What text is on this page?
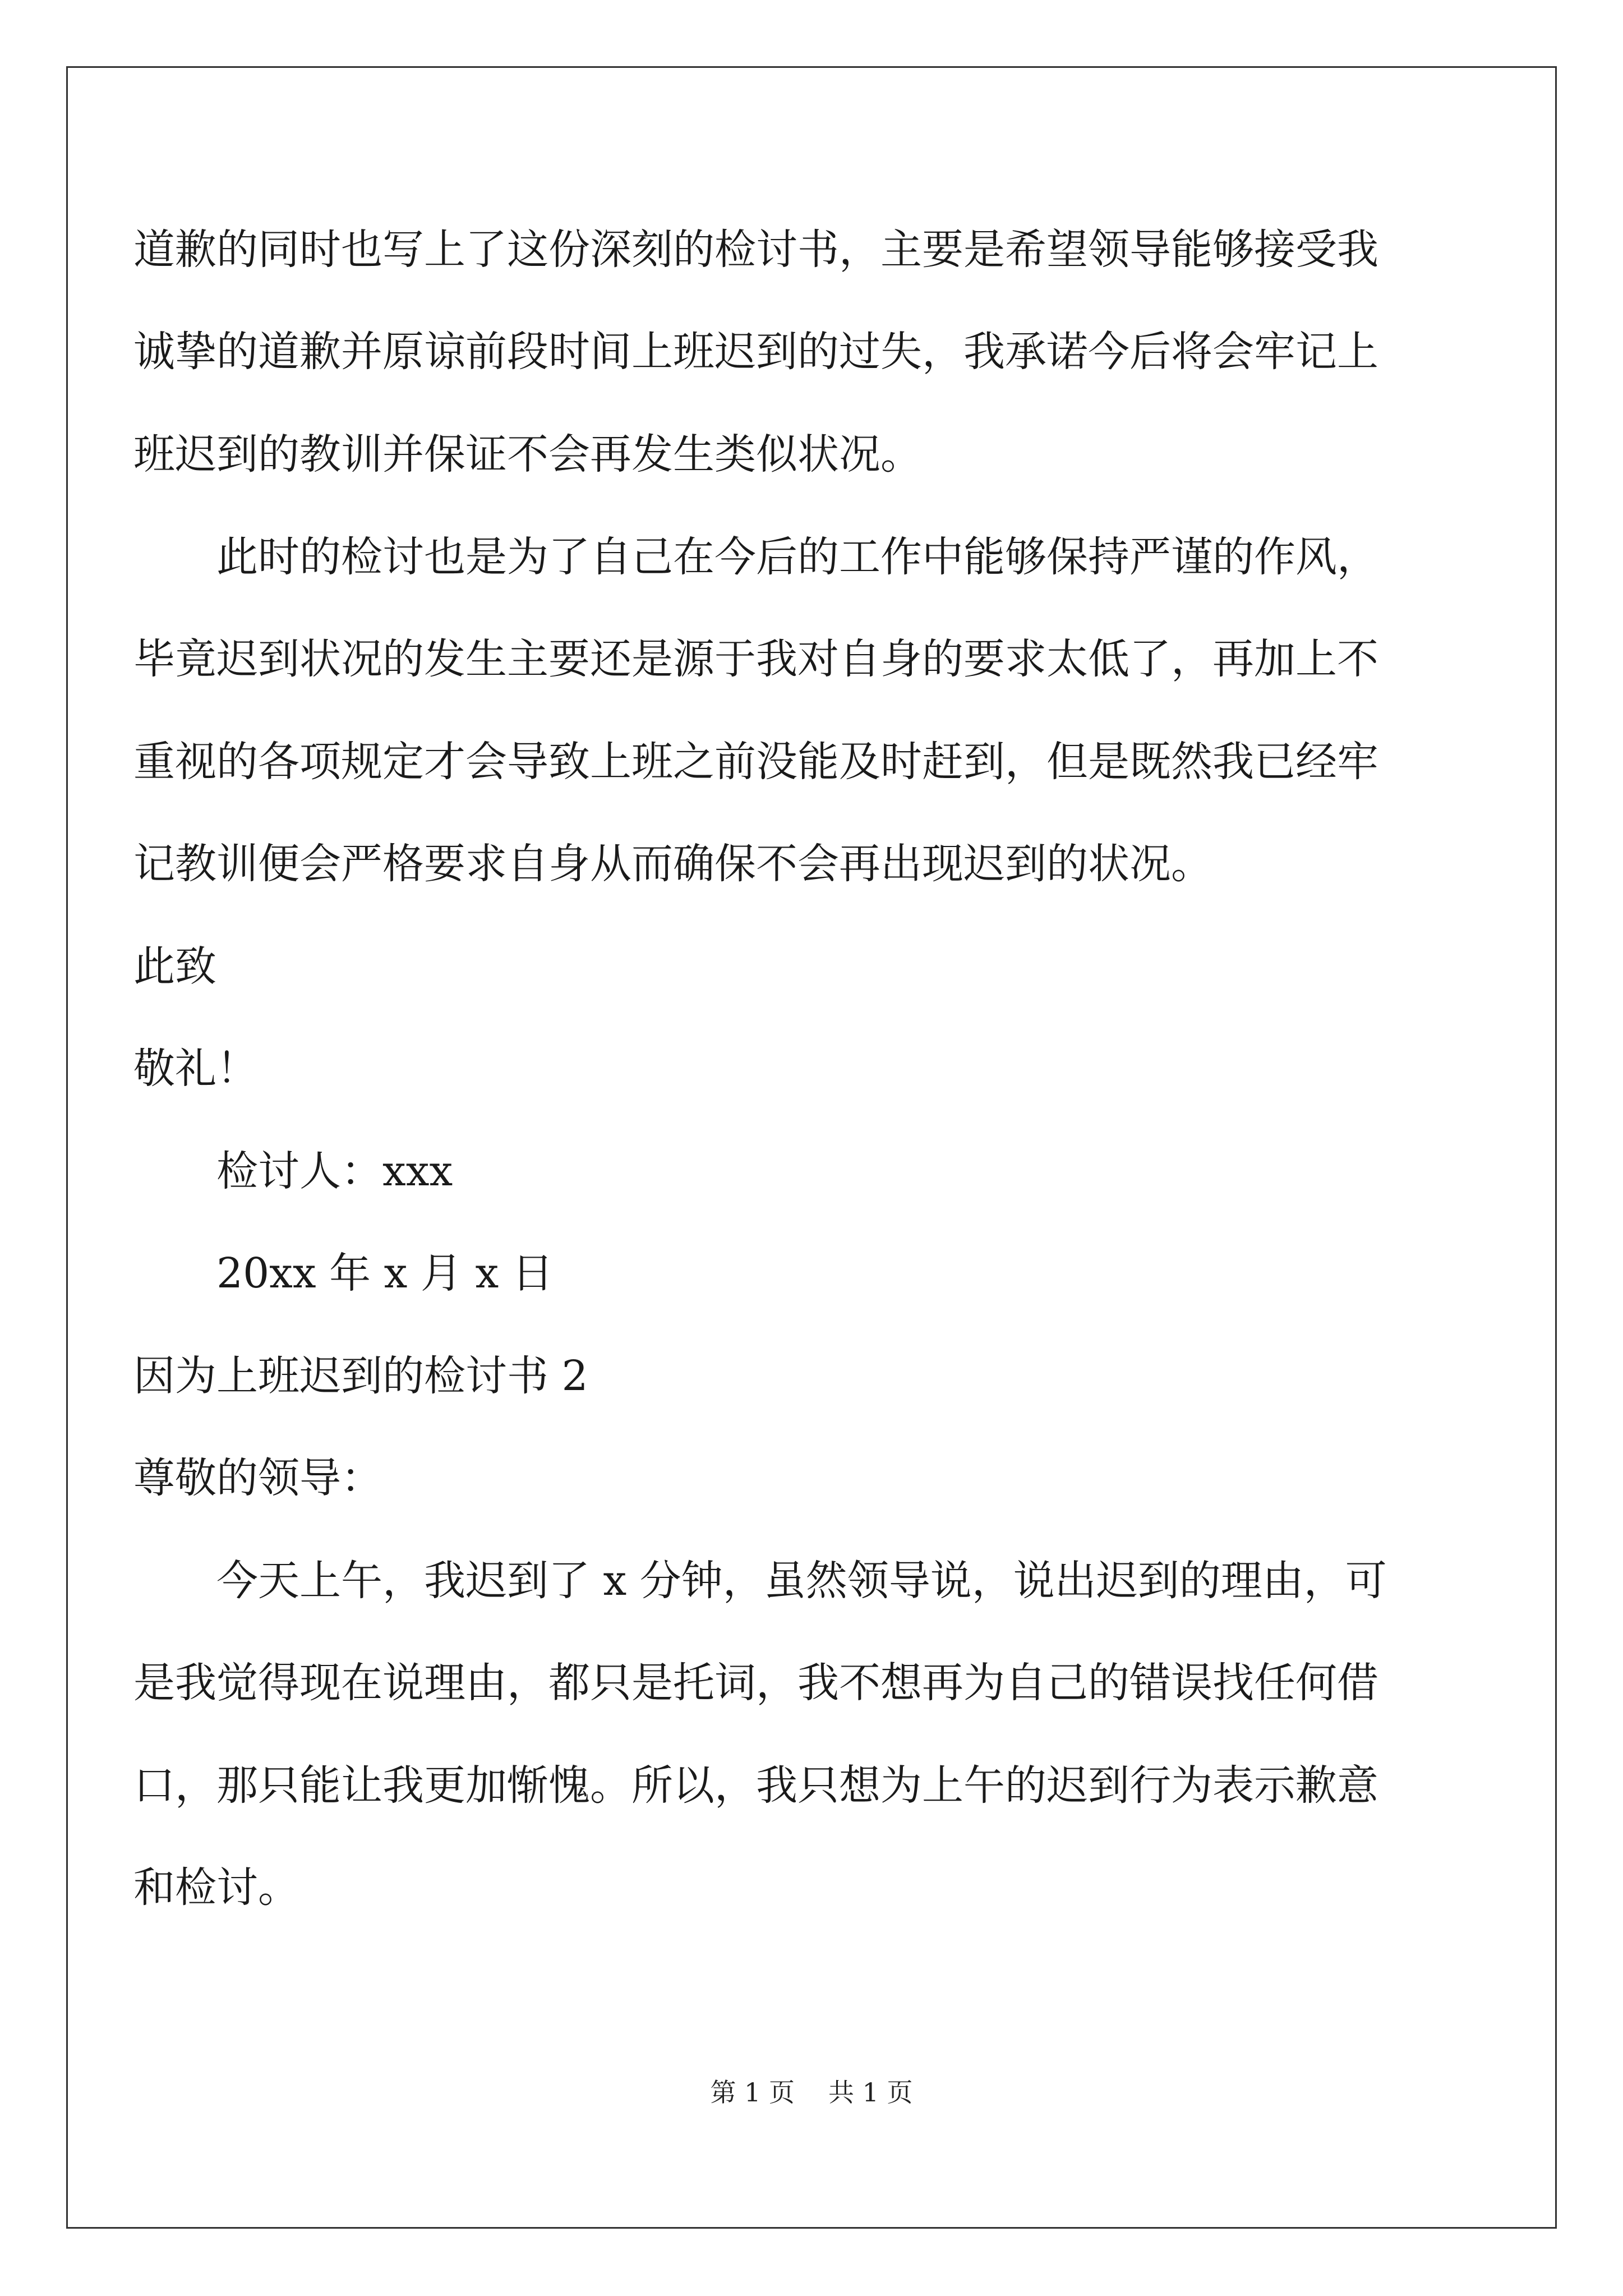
道歉的同时也写上了这份深刻的检讨书，主要是希望领导能够接受我
诚挚的道歉并原谅前段时间上班迟到的过失，我承诺今后将会牢记上
班迟到的教训并保证不会再发生类似状况。
此时的检讨也是为了自己在今后的工作中能够保持严谨的作风，
毕竟迟到状况的发生主要还是源于我对自身的要求太低了，再加上不
重视的各项规定才会导致上班之前没能及时赶到，但是既然我已经牢
记教训便会严格要求自身从而确保不会再出现迟到的状况。
此致
敬礼！
检讨人：xxx
20xx 年 x 月 x 日
因为上班迟到的检讨书 2
尊敬的领导：
今天上午，我迟到了 x 分钟，虽然领导说，说出迟到的理由，可
是我觉得现在说理由，都只是托词，我不想再为自己的错误找任何借
口，那只能让我更加惭愧。所以，我只想为上午的迟到行为表示歉意
和检讨。
第 1 页 共 1 页
